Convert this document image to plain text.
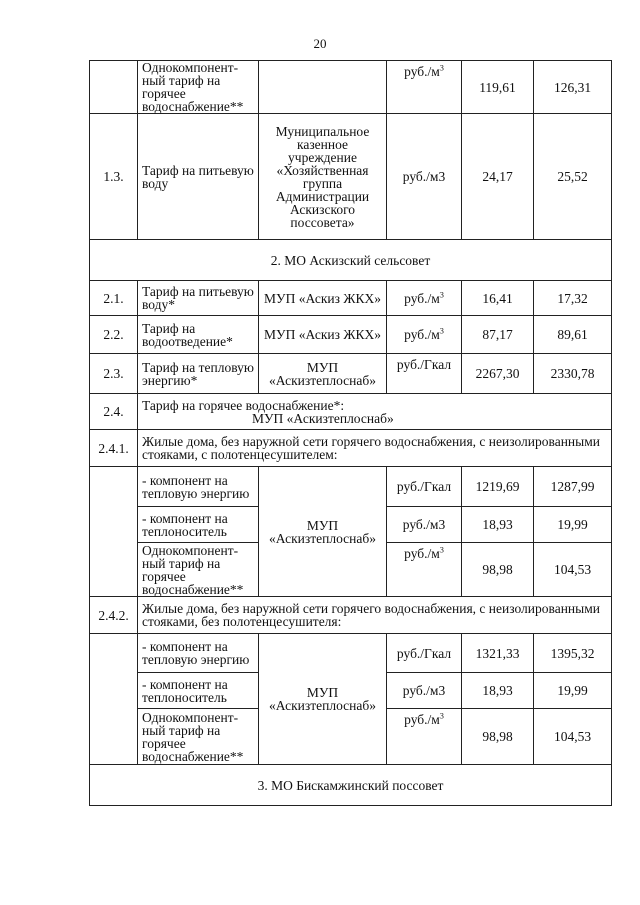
20
	Однокомпонент-ный тариф на горячее водоснабжение**		$руб./м^3$	119,61	126,31
1.3.	Тариф на питьевую воду	Муниципальное казенное учреждение «Хозяйственная группа Администрации Аскизского поссовета»	руб./м3	24,17	25,52
2. МО Аскизский сельсовет					
2.1.	Тариф на питьевую воду*	МУП «Аскиз ЖКХ»	$руб./м^3$	16,41	17,32
2.2.	Тариф на водоотведение*	МУП «Аскиз ЖКХ»	$руб./м^3$	87,17	89,61
2.3.	Тариф на тепловую энергию*	МУП «Аскизтеплоснаб»	руб./Гкал	2267,30	2330,78
2.4.	Тариф на горячее водоснабжение*:
МУП «Аскизтеплоснаб»				

2.4.1.	Жилые дома, без наружной сети горячего водоснабжения, с неизолированными стояками, с полотенцесушителем:				
	- компонент на тепловую энергию	МУП «Аскизтеплоснаб»	руб./Гкал	1219,69	1287,99
	- компонент на теплоноситель		руб./м3	18,93	19,99
	Однокомпонент-ный тариф на горячее водоснабжение**		$руб./м^3$	98,98	104,53
2.4.2.	Жилые дома, без наружной сети горячего водоснабжения, с неизолированными стояками, без полотенцесушителя:				
	- компонент на тепловую энергию	МУП «Аскизтеплоснаб»	руб./Гкал	1321,33	1395,32
	- компонент на теплоноситель		руб./м3	18,93	19,99
	Однокомпонент-ный тариф на горячее водоснабжение**		$руб./м^3$	98,98	104,53
3. МО Бискамжинский поссовет					
